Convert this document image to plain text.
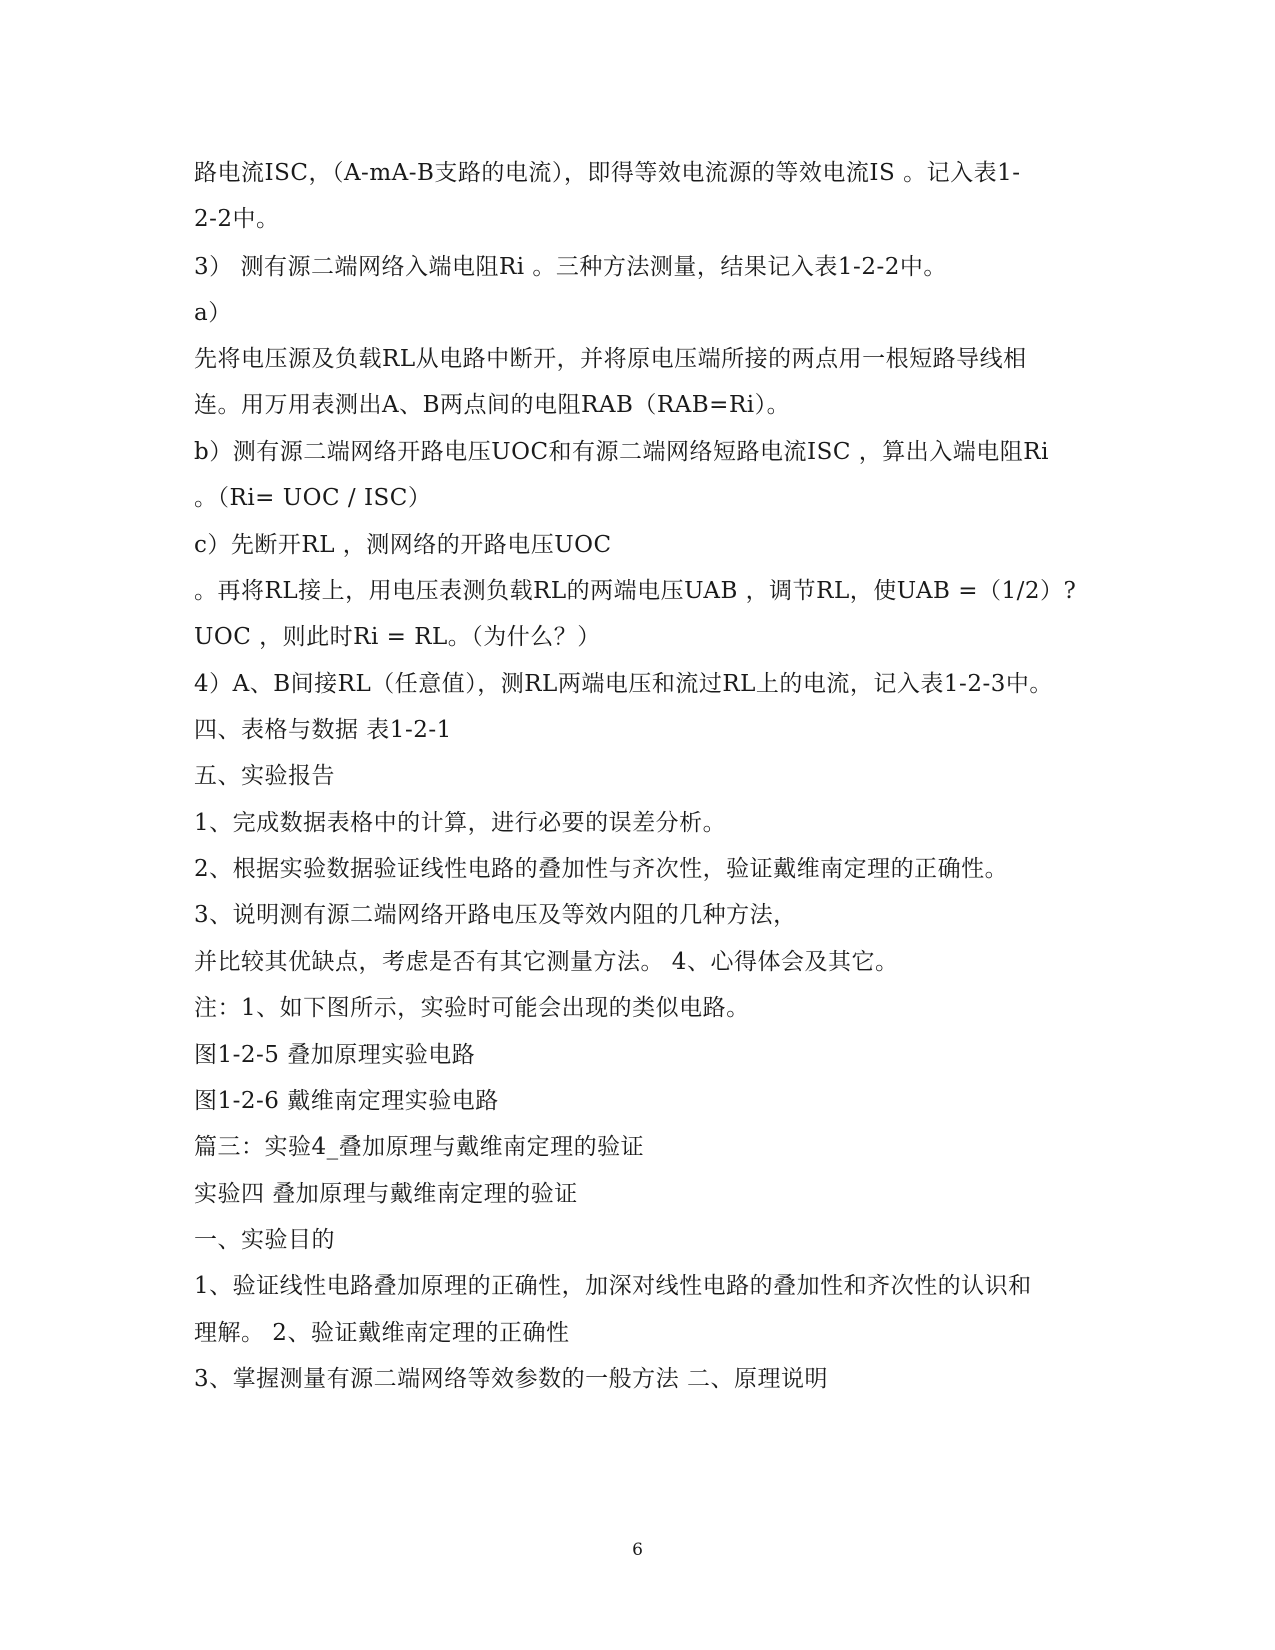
路电流ISC，（A-mA-B支路的电流），即得等效电流源的等效电流IS 。记入表1-
2-2中。
3） 测有源二端网络入端电阻Ri 。三种方法测量，结果记入表1-2-2中。
a）
先将电压源及负载RL从电路中断开，并将原电压端所接的两点用一根短路导线相
连。用万用表测出A、B两点间的电阻RAB（RAB=Ri）。
b）测有源二端网络开路电压UOC和有源二端网络短路电流ISC ，算出入端电阻Ri
。（Ri= UOC / ISC）
c）先断开RL ，测网络的开路电压UOC
。再将RL接上，用电压表测负载RL的两端电压UAB ，调节RL，使UAB =（1/2）?
UOC ，则此时Ri = RL。（为什么？）
4）A、B间接RL（任意值），测RL两端电压和流过RL上的电流，记入表1-2-3中。
四、表格与数据 表1-2-1
五、实验报告
1、完成数据表格中的计算，进行必要的误差分析。
2、根据实验数据验证线性电路的叠加性与齐次性，验证戴维南定理的正确性。
3、说明测有源二端网络开路电压及等效内阻的几种方法，
并比较其优缺点，考虑是否有其它测量方法。 4、心得体会及其它。
注：1、如下图所示，实验时可能会出现的类似电路。
图1-2-5 叠加原理实验电路
图1-2-6 戴维南定理实验电路
篇三：实验4_叠加原理与戴维南定理的验证
实验四 叠加原理与戴维南定理的验证
一、实验目的
1、验证线性电路叠加原理的正确性，加深对线性电路的叠加性和齐次性的认识和
理解。 2、验证戴维南定理的正确性
3、掌握测量有源二端网络等效参数的一般方法 二、原理说明
6
